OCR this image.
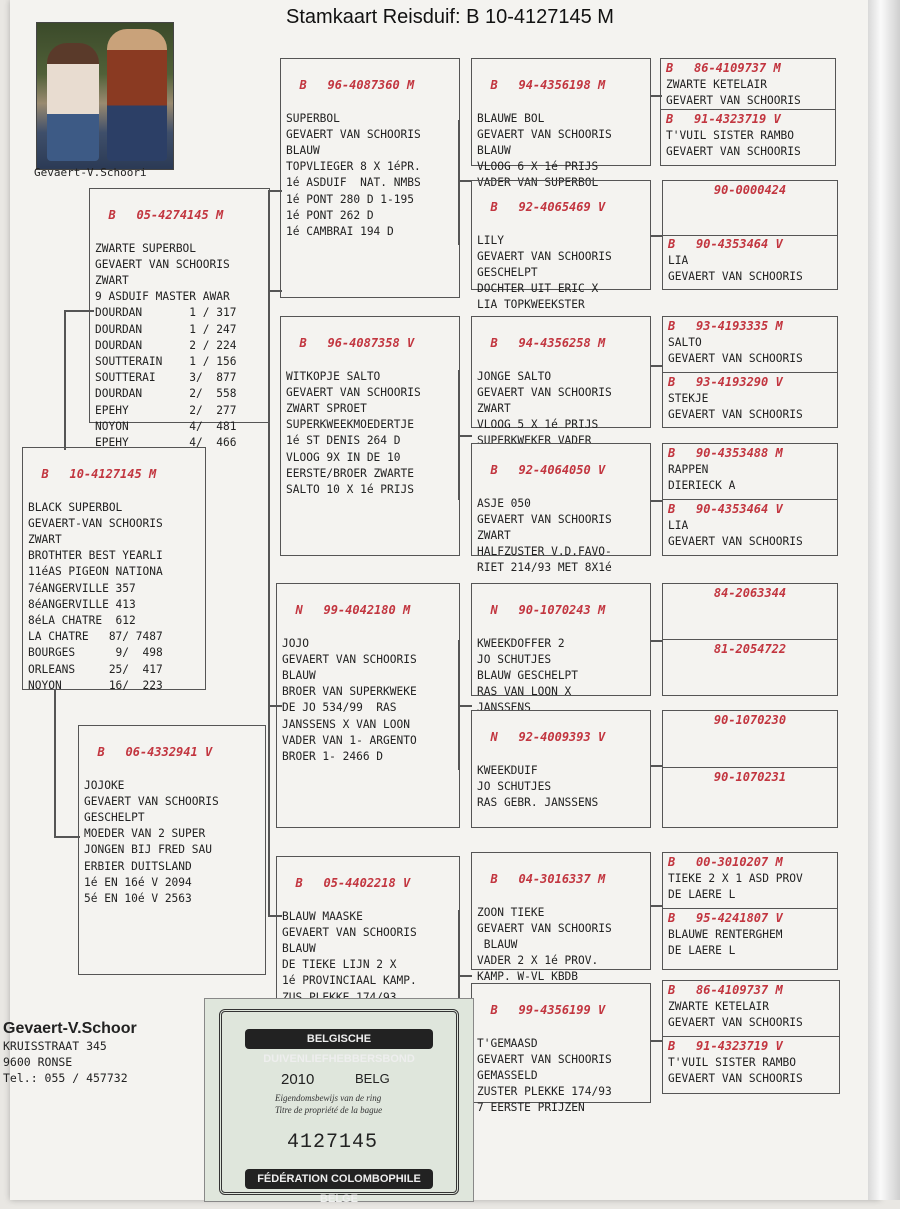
Stamkaart Reisduif: B 10-4127145 M
Gevaert-V.Schoori

B 10-4127145 M

BLACK SUPERBOL
GEVAERT-VAN SCHOORIS
ZWART
BROTHTER BEST YEARLI
11éAS PIGEON NATIONA
7éANGERVILLE 357
8éANGERVILLE 413
8éLA CHATRE  612
LA CHATRE   87/ 7487
BOURGES      9/  498
ORLEANS     25/  417
NOYON       16/  223

B 05-4274145 M

ZWARTE SUPERBOL
GEVAERT VAN SCHOORIS
ZWART
9 ASDUIF MASTER AWAR
DOURDAN       1 / 317
DOURDAN       1 / 247
DOURDAN       2 / 224
SOUTTERAIN    1 / 156
SOUTTERAI     3/  877
DOURDAN       2/  558
EPEHY         2/  277
NOYON         4/  481
EPEHY         4/  466

B 06-4332941 V

JOJOKE
GEVAERT VAN SCHOORIS
GESCHELPT
MOEDER VAN 2 SUPER
JONGEN BIJ FRED SAU
ERBIER DUITSLAND
1é EN 16é V 2094
5é EN 10é V 2563

B 96-4087360 M

SUPERBOL
GEVAERT VAN SCHOORIS
BLAUW
TOPVLIEGER 8 X 1éPR.
1é ASDUIF  NAT. NMBS
1é PONT 280 D 1-195
1é PONT 262 D
1é CAMBRAI 194 D

B 96-4087358 V

WITKOPJE SALTO
GEVAERT VAN SCHOORIS
ZWART SPROET
SUPERKWEEKMOEDERTJE
1é ST DENIS 264 D
VLOOG 9X IN DE 10
EERSTE/BROER ZWARTE
SALTO 10 X 1é PRIJS

N 99-4042180 M

JOJO
GEVAERT VAN SCHOORIS
BLAUW
BROER VAN SUPERKWEKE
DE JO 534/99  RAS
JANSSENS X VAN LOON
VADER VAN 1- ARGENTO
BROER 1- 2466 D

B 05-4402218 V

BLAUW MAASKE
GEVAERT VAN SCHOORIS
BLAUW
DE TIEKE LIJN 2 X
1é PROVINCIAAL KAMP.

B 94-4356198 M

BLAUWE BOL
GEVAERT VAN SCHOORIS
BLAUW
VLOOG 6 X 1é PRIJS
VADER VAN SUPERBOL

B 92-4065469 V

LILY
GEVAERT VAN SCHOORIS
GESCHELPT
DOCHTER UIT ERIC X
LIA TOPKWEEKSTER

B 94-4356258 M

JONGE SALTO
GEVAERT VAN SCHOORIS
ZWART
VLOOG 5 X 1é PRIJS
SUPERKWEKER VADER

B 92-4064050 V

ASJE 050
GEVAERT VAN SCHOORIS
ZWART
HALFZUSTER V.D.FAVO-
RIET 214/93 MET 8X1é

N 90-1070243 M

KWEEKDOFFER 2
JO SCHUTJES
BLAUW GESCHELPT
RAS VAN LOON X
JANSSENS

N 92-4009393 V

KWEEKDUIF
JO SCHUTJES
RAS GEBR. JANSSENS

B 04-3016337 M

ZOON TIEKE
GEVAERT VAN SCHOORIS
BLAUW
VADER 2 X 1é PROV.
KAMP. W-VL KBDB

B 99-4356199 V

T'GEMAASD
GEVAERT VAN SCHOORIS
GEMASSELD
ZUSTER PLEKKE 174/93
7 EERSTE PRIJZEN

B 86-4109737 M
ZWARTE KETELAIR
GEVAERT VAN SCHOORIS

B 91-4323719 V
T'VUIL SISTER RAMBO
GEVAERT VAN SCHOORIS

90-0000424

B 90-4353464 V
LIA
GEVAERT VAN SCHOORIS

B 93-4193335 M
SALTO
GEVAERT VAN SCHOORIS

B 93-4193290 V
STEKJE
GEVAERT VAN SCHOORIS

B 90-4353488 M
RAPPEN
DIERIECK A

B 90-4353464 V
LIA
GEVAERT VAN SCHOORIS

84-2063344

81-2054722

90-1070230

90-1070231

B 00-3010207 M
TIEKE 2 X 1 ASD PROV
DE LAERE L

B 95-4241807 V
BLAUWE RENTERGHEM
DE LAERE L

B 86-4109737 M
ZWARTE KETELAIR
GEVAERT VAN SCHOORIS

B 91-4323719 V
T'VUIL SISTER RAMBO
GEVAERT VAN SCHOORIS

Gevaert-V.Schoor
KRUISSTRAAT 345
9600 RONSE
Tel.: 055 / 457732
BELGISCHE DUIVENLIEFHEBBERSBOND
2010	BELG
Eigendomsbewijs van de ring
Titre de propriété de la bague
4127145
FÉDÉRATION COLOMBOPHILE BELGE
